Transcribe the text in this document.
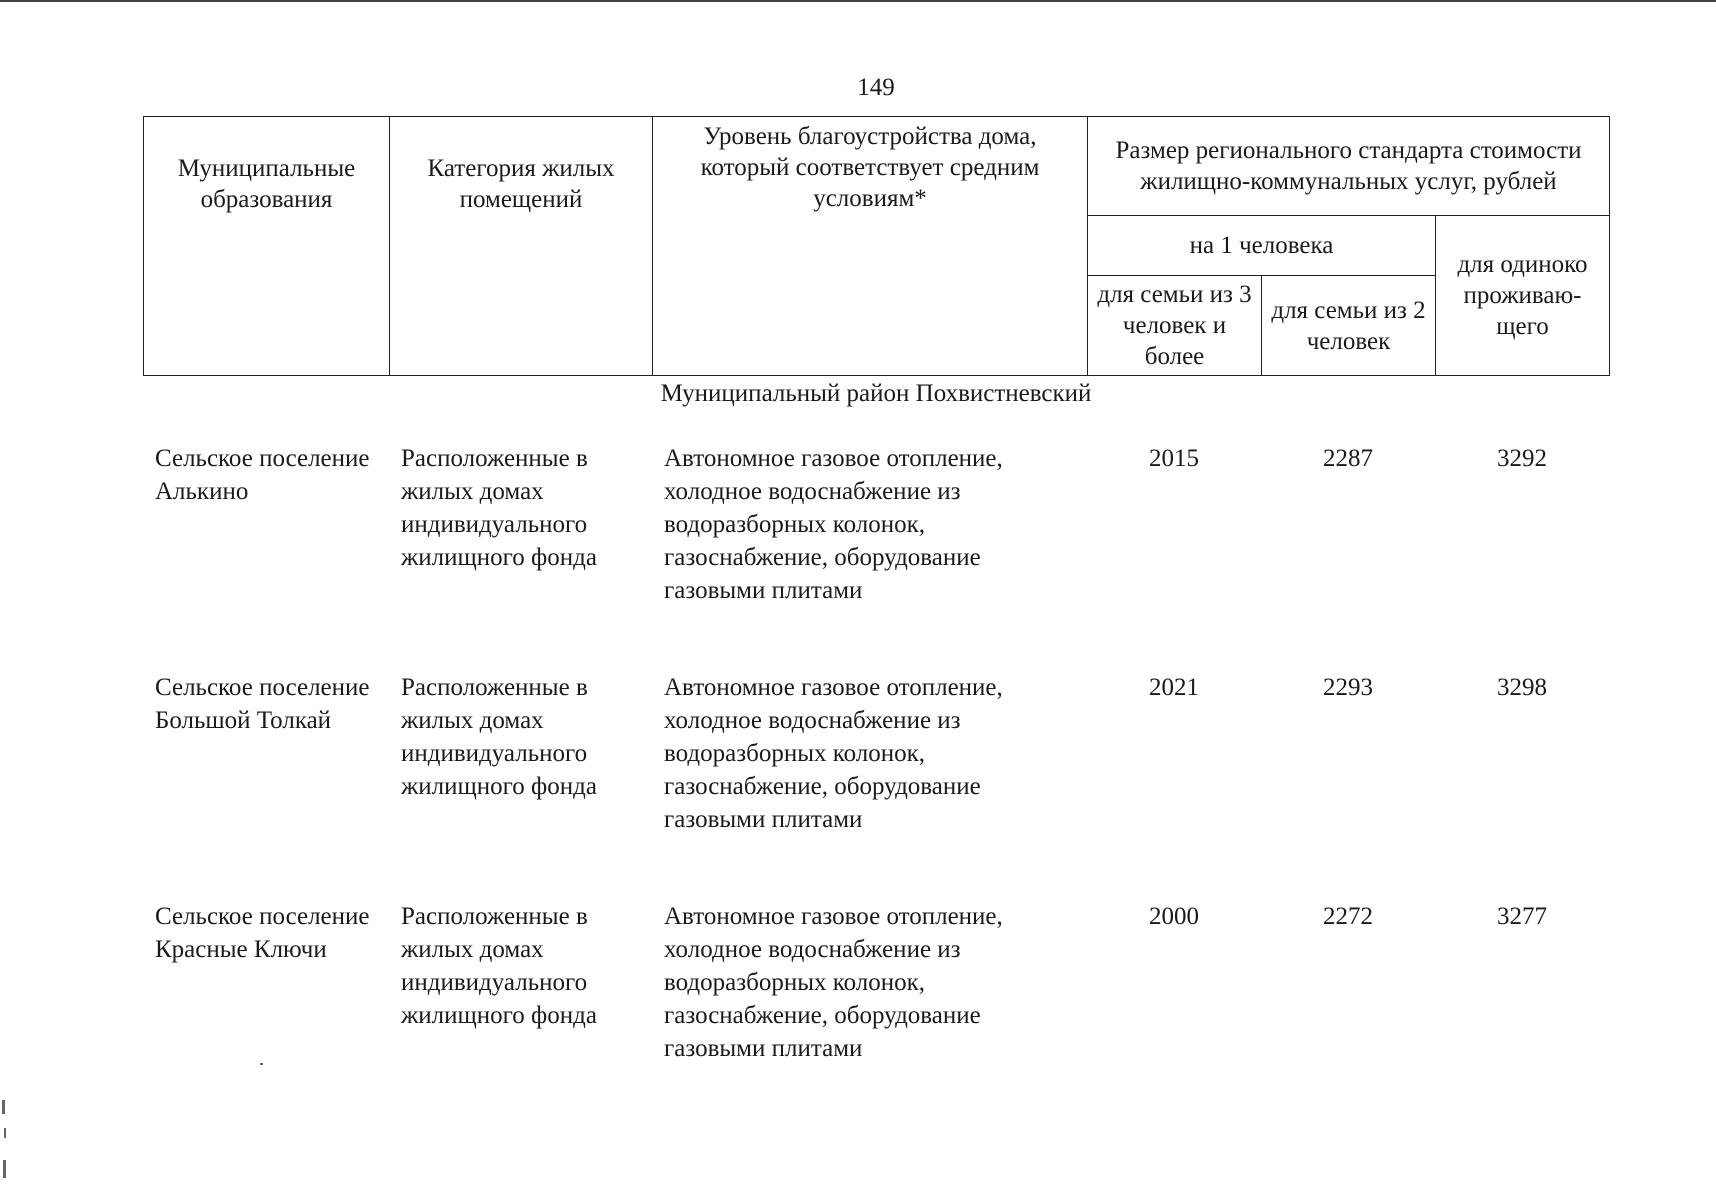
149
Муниципальные образования	Категория жилых помещений	Уровень благоустройства дома, который соответствует средним условиям*	Размер регионального стандарта стоимости жилищно-коммунальных услуг, рублей		
			на 1 человека		для одиноко проживаю-щего
			для семьи из 3 человек и более	для семьи из 2 человек	
Муниципальный район Похвистневский
Сельское поселение Алькино	Расположенные в жилых домах индивидуального жилищного фонда	Автономное газовое отопление, холодное водоснабжение из водоразборных колонок, газоснабжение, оборудование газовыми плитами	2015	2287	3292
Сельское поселение Большой Толкай	Расположенные в жилых домах индивидуального жилищного фонда	Автономное газовое отопление, холодное водоснабжение из водоразборных колонок, газоснабжение, оборудование газовыми плитами	2021	2293	3298
Сельское поселение Красные Ключи	Расположенные в жилых домах индивидуального жилищного фонда	Автономное газовое отопление, холодное водоснабжение из водоразборных колонок, газоснабжение, оборудование газовыми плитами	2000	2272	3277
